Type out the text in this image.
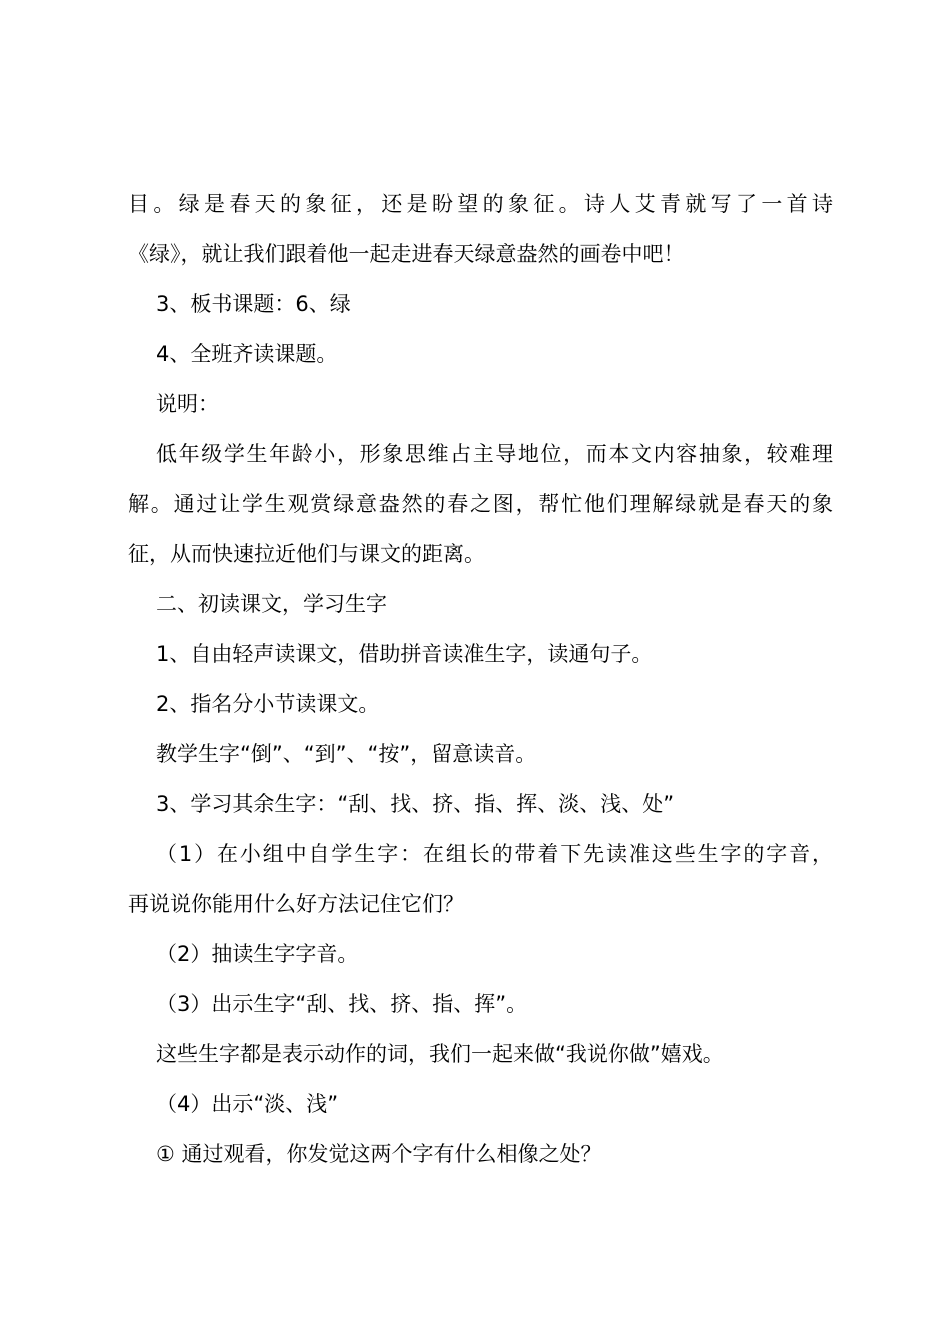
目。绿是春天的象征，还是盼望的象征。诗人艾青就写了一首诗
《绿》，就让我们跟着他一起走进春天绿意盎然的画卷中吧！
3、板书课题：6、绿
4、全班齐读课题。
说明：
低年级学生年龄小，形象思维占主导地位，而本文内容抽象，较难理
解。通过让学生观赏绿意盎然的春之图，帮忙他们理解绿就是春天的象
征，从而快速拉近他们与课文的距离。
二、初读课文，学习生字
1、自由轻声读课文，借助拼音读准生字，读通句子。
2、指名分小节读课文。
教学生字“倒”、“到”、“按”，留意读音。
3、学习其余生字：“刮、找、挤、指、挥、淡、浅、处”
（1）在小组中自学生字：在组长的带着下先读准这些生字的字音，
再说说你能用什么好方法记住它们？
（2）抽读生字字音。
（3）出示生字“刮、找、挤、指、挥”。
这些生字都是表示动作的词，我们一起来做“我说你做”嬉戏。
（4）出示“淡、浅”
① 通过观看，你发觉这两个字有什么相像之处？
